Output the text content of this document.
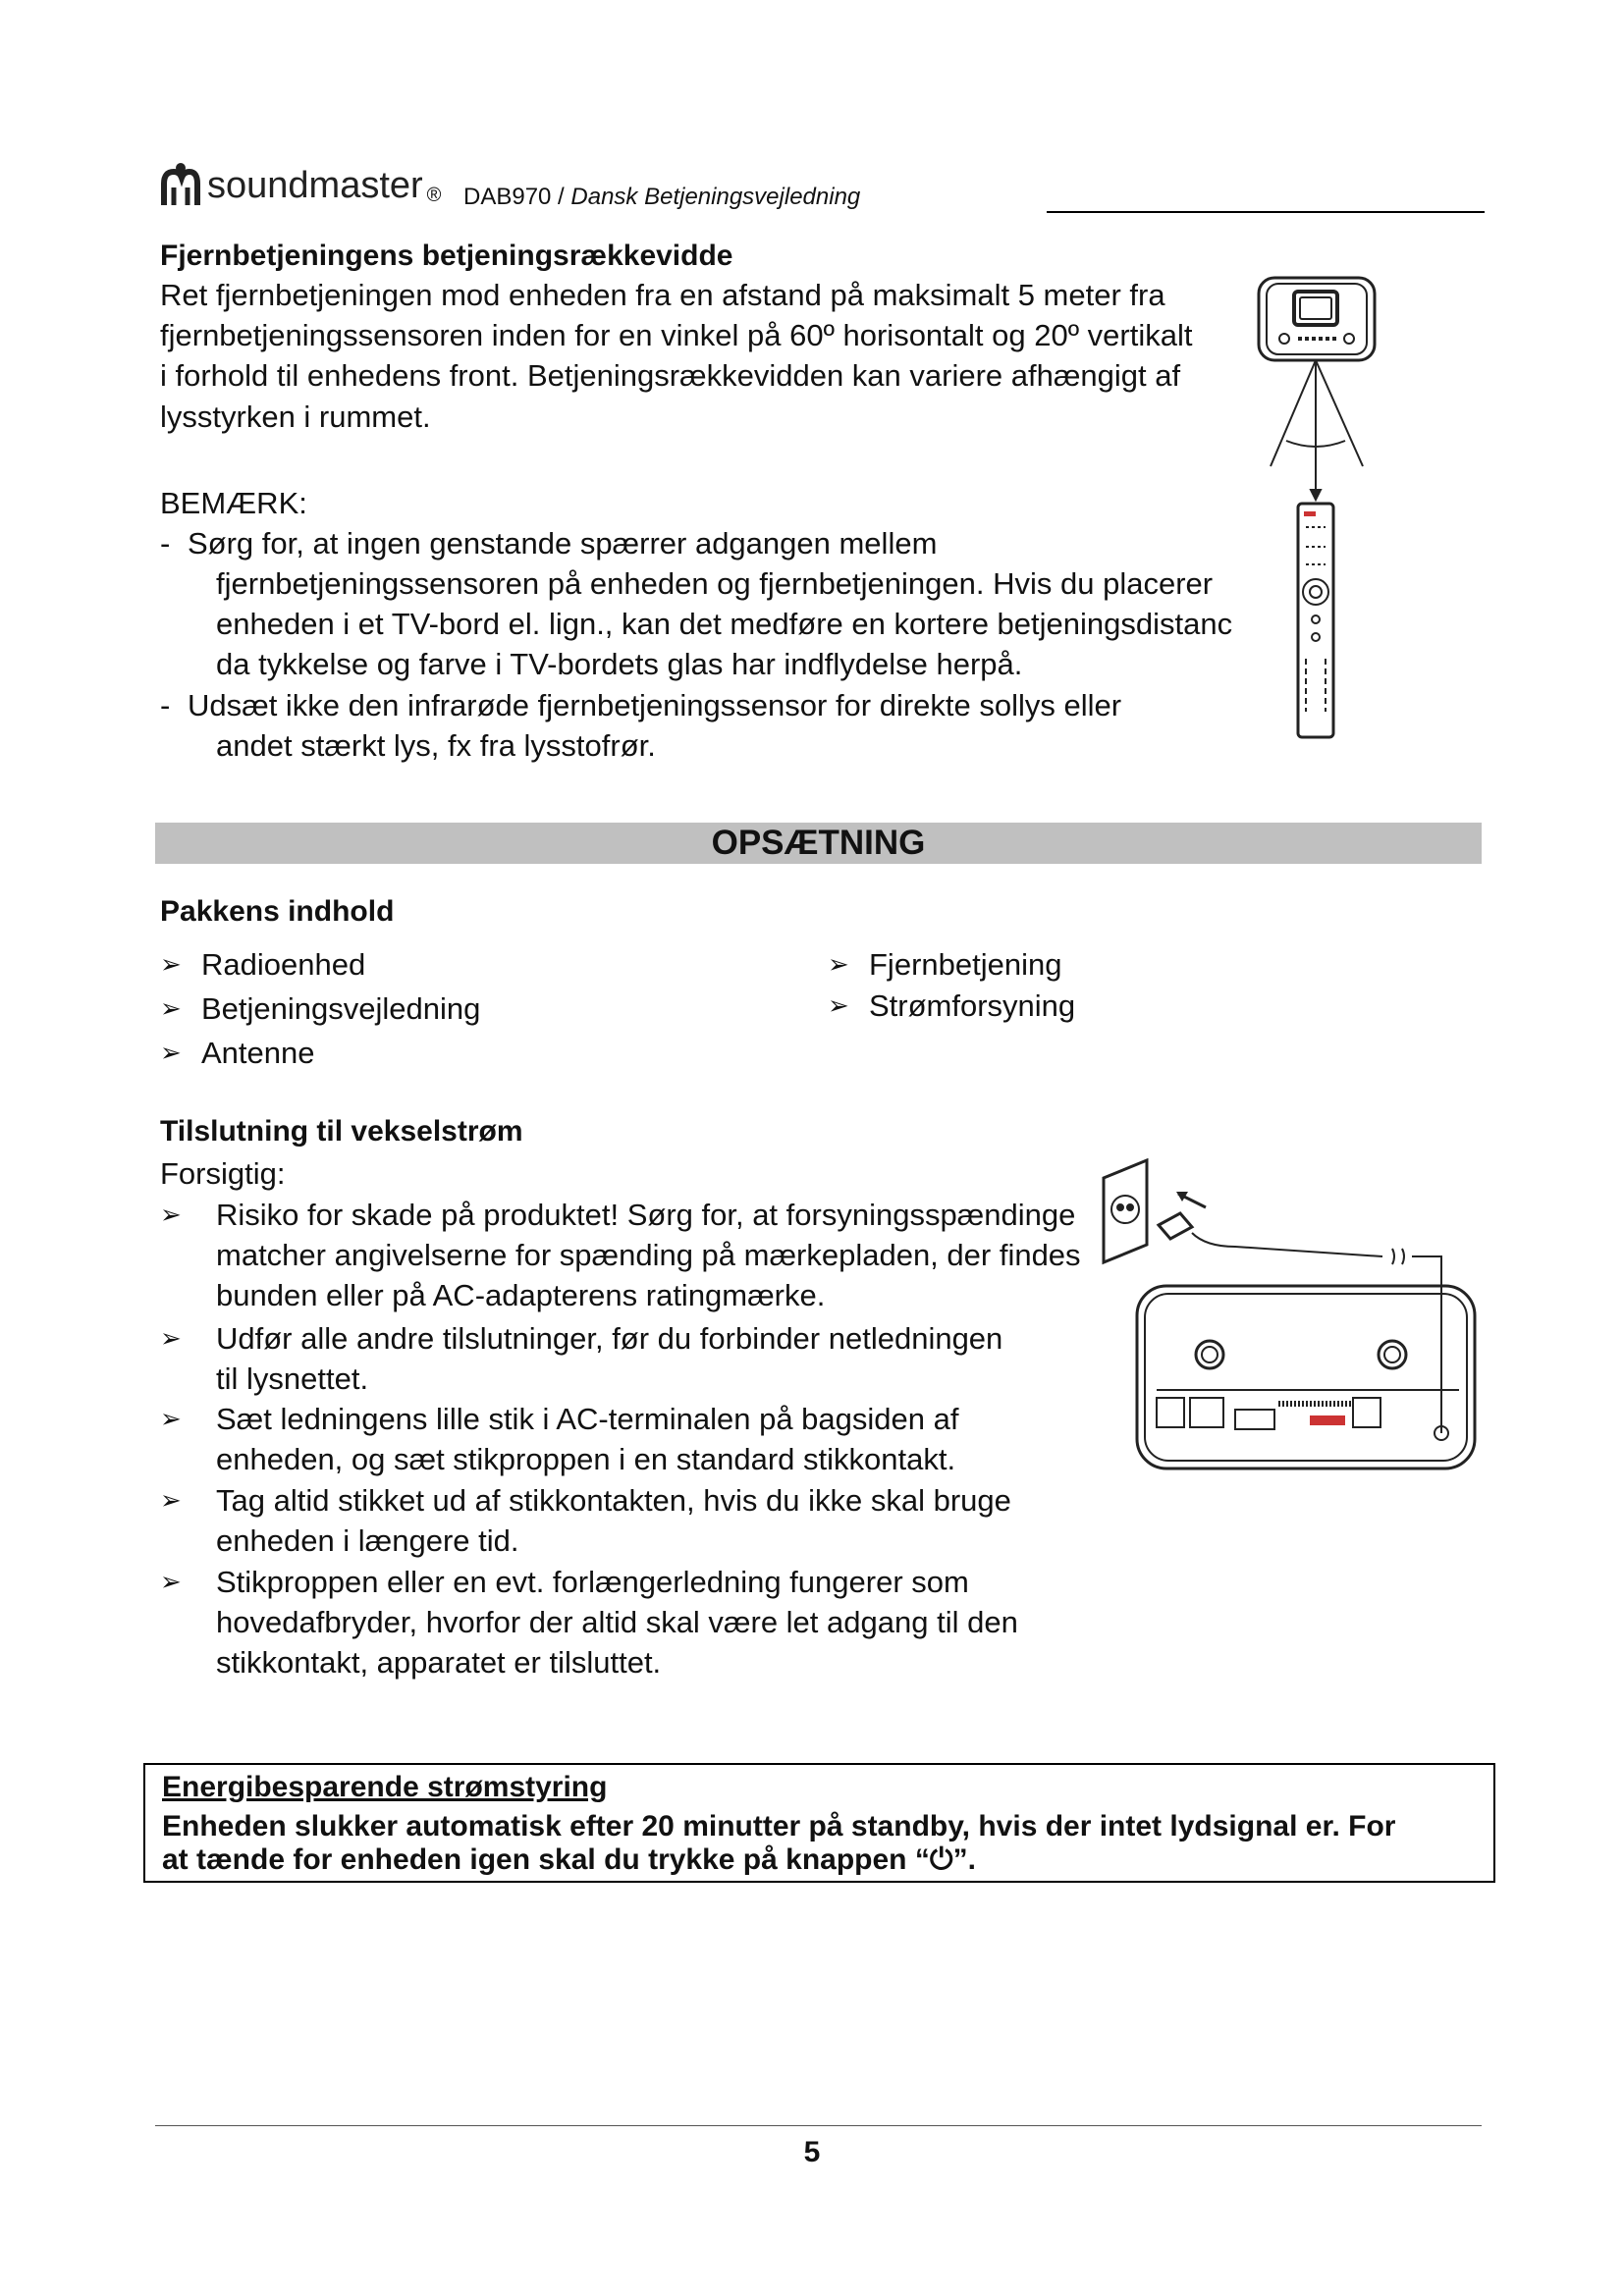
soundmaster ® DAB970 / Dansk Betjeningsvejledning
Fjernbetjeningens betjeningsrækkevidde
Ret fjernbetjeningen mod enheden fra en afstand på maksimalt 5 meter fra
fjernbetjeningssensoren inden for en vinkel på 60º horisontalt og 20º vertikalt
i forhold til enhedens front. Betjeningsrækkevidden kan variere afhængigt af
lysstyrken i rummet.
BEMÆRK:
- Sørg for, at ingen genstande spærrer adgangen mellem
fjernbetjeningssensoren på enheden og fjernbetjeningen. Hvis du placerer
enheden i et TV-bord el. lign., kan det medføre en kortere betjeningsdistanc
da tykkelse og farve i TV-bordets glas har indflydelse herpå.
- Udsæt ikke den infrarøde fjernbetjeningssensor for direkte sollys eller
andet stærkt lys, fx fra lysstofrør.
OPSÆTNING
Pakkens indhold
➢ Radioenhed
➢ Betjeningsvejledning
➢ Antenne
➢ Fjernbetjening
➢ Strømforsyning
Tilslutning til vekselstrøm
Forsigtig:
➢ Risiko for skade på produktet! Sørg for, at forsyningsspændinge
matcher angivelserne for spænding på mærkepladen, der findes
bunden eller på AC-adapterens ratingmærke.
➢ Udfør alle andre tilslutninger, før du forbinder netledningen
til lysnettet.
➢ Sæt ledningens lille stik i AC-terminalen på bagsiden af
enheden, og sæt stikproppen i en standard stikkontakt.
➢ Tag altid stikket ud af stikkontakten, hvis du ikke skal bruge
enheden i længere tid.
➢ Stikproppen eller en evt. forlængerledning fungerer som
hovedafbryder, hvorfor der altid skal være let adgang til den
stikkontakt, apparatet er tilsluttet.
Energibesparende strømstyring
Enheden slukker automatisk efter 20 minutter på standby, hvis der intet lydsignal er. For
at tænde for enheden igen skal du trykke på knappen “⏻”.
5
